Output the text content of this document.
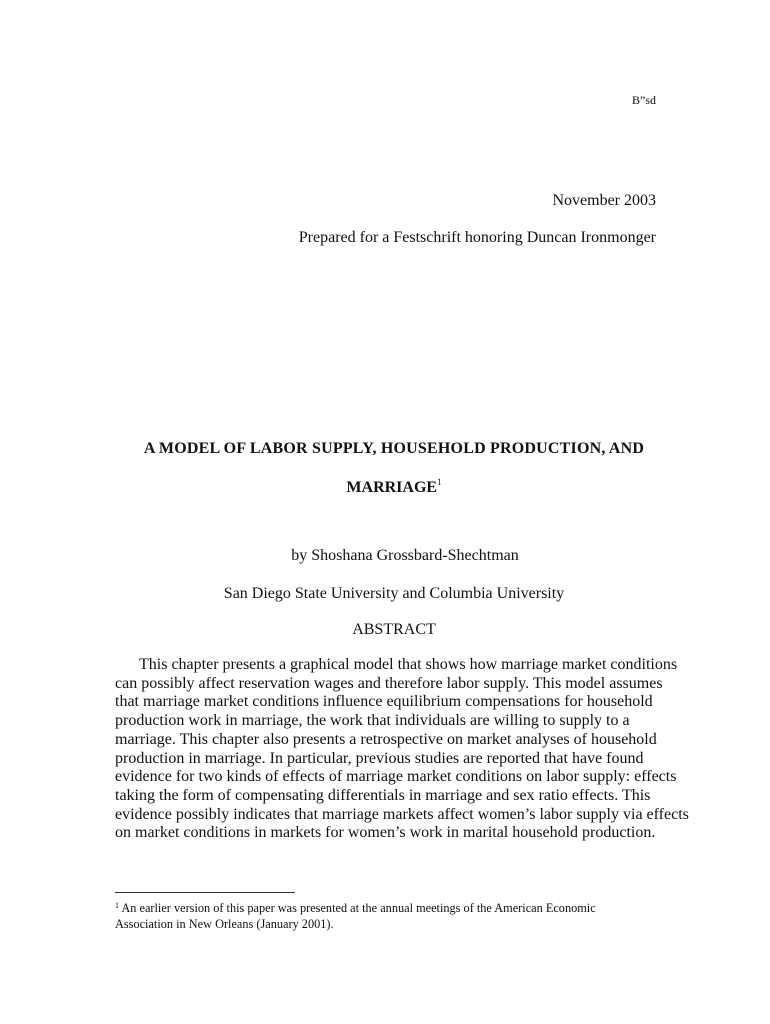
B”sd
November 2003
Prepared for a Festschrift honoring Duncan Ironmonger
A MODEL OF LABOR SUPPLY, HOUSEHOLD PRODUCTION, AND
MARRIAGE$^1$
by Shoshana Grossbard-Shechtman
San Diego State University and Columbia University
ABSTRACT

This chapter presents a graphical model that shows how marriage market conditions
can possibly affect reservation wages and therefore labor supply. This model assumes
that marriage market conditions influence equilibrium compensations for household
production work in marriage, the work that individuals are willing to supply to a
marriage. This chapter also presents a retrospective on market analyses of household
production in marriage. In particular, previous studies are reported that have found
evidence for two kinds of effects of marriage market conditions on labor supply: effects
taking the form of compensating differentials in marriage and sex ratio effects. This
evidence possibly indicates that marriage markets affect women’s labor supply via effects
on market conditions in markets for women’s work in marital household production.

$^1$ An earlier version of this paper was presented at the annual meetings of the American Economic
Association in New Orleans (January 2001).
